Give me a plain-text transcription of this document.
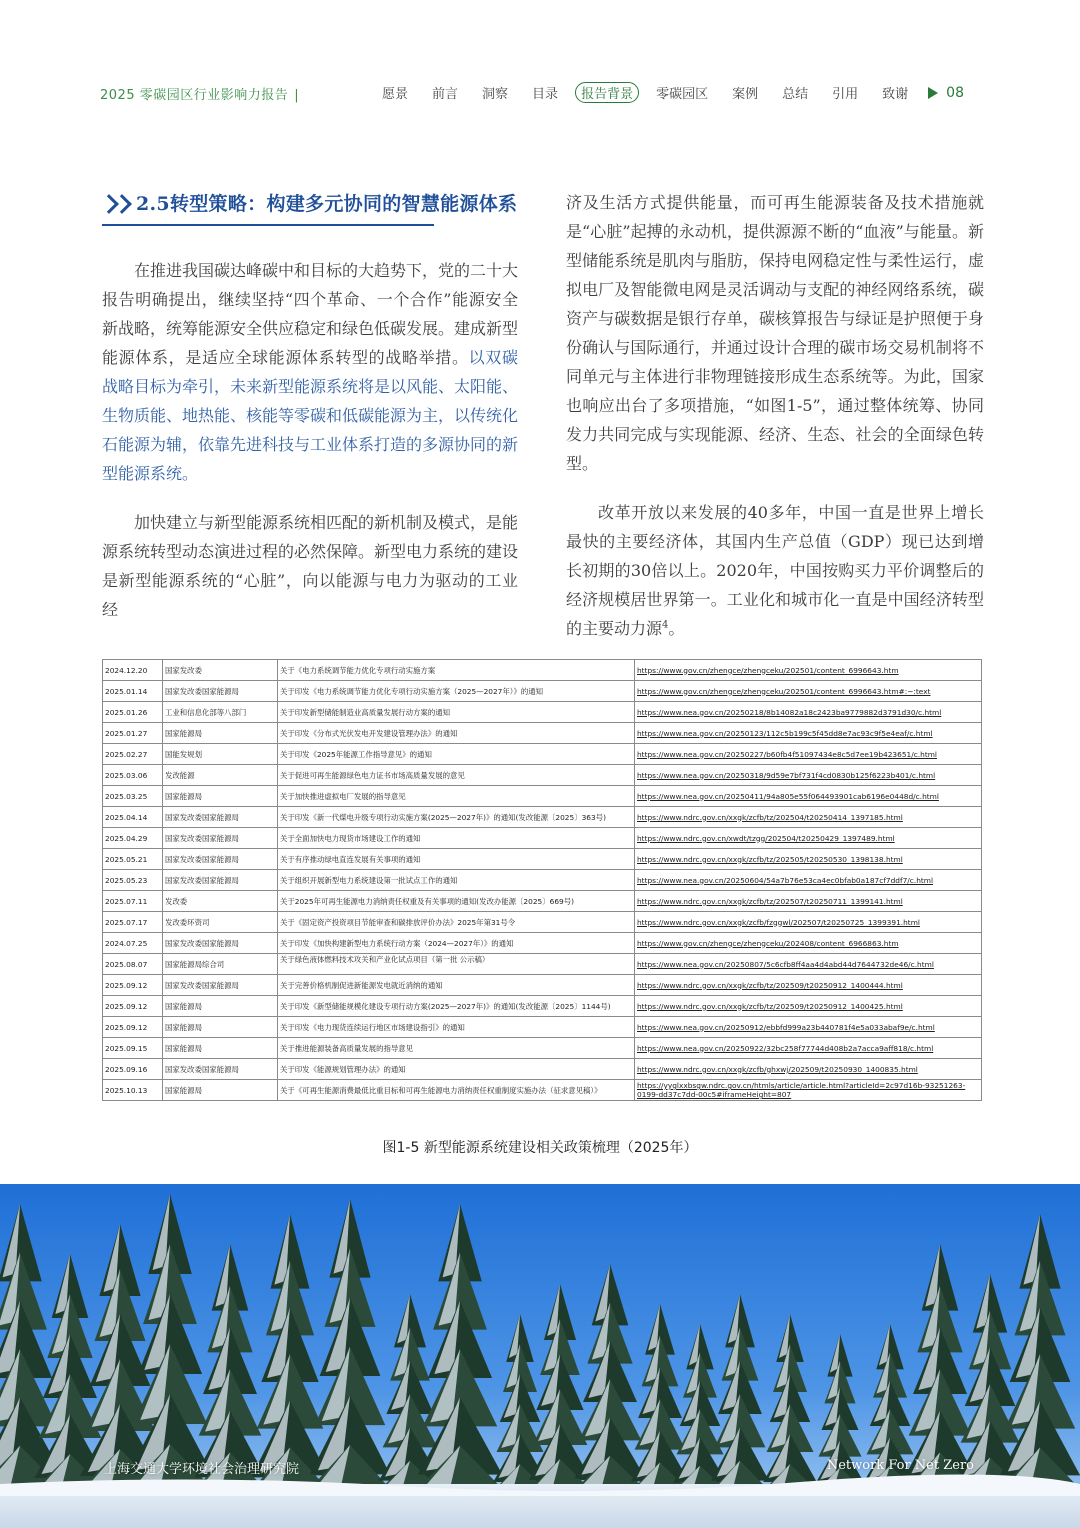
2025 零碳园区行业影响力报告 |	愿景 前言 洞察 目录	报告背景	零碳园区 案例 总结 引用 致谢	08
2.5转型策略：构建多元协同的智慧能源体系

在推进我国碳达峰碳中和目标的大趋势下，党的二十大报告明确提出，继续坚持“四个革命、一个合作”能源安全新战略，统筹能源安全供应稳定和绿色低碳发展。建成新型能源体系，是适应全球能源体系转型的战略举措。以双碳战略目标为牵引，未来新型能源系统将是以风能、太阳能、生物质能、地热能、核能等零碳和低碳能源为主，以传统化石能源为辅，依靠先进科技与工业体系打造的多源协同的新型能源系统。

加快建立与新型能源系统相匹配的新机制及模式，是能源系统转型动态演进过程的必然保障。新型电力系统的建设是新型能源系统的“心脏”，向以能源与电力为驱动的工业经

济及生活方式提供能量，而可再生能源装备及技术措施就是“心脏”起搏的永动机，提供源源不断的“血液”与能量。新型储能系统是肌肉与脂肪，保持电网稳定性与柔性运行，虚拟电厂及智能微电网是灵活调动与支配的神经网络系统，碳资产与碳数据是银行存单，碳核算报告与绿证是护照便于身份确认与国际通行，并通过设计合理的碳市场交易机制将不同单元与主体进行非物理链接形成生态系统等。为此，国家也响应出台了多项措施，“如图1-5”，通过整体统筹、协同发力共同完成与实现能源、经济、生态、社会的全面绿色转型。

改革开放以来发展的40多年，中国一直是世界上增长最快的主要经济体，其国内生产总值（GDP）现已达到增长初期的30倍以上。2020年，中国按购买力平价调整后的经济规模居世界第一。工业化和城市化一直是中国经济转型的主要动力源$^4$。

2024.12.20	国家发改委	关于《电力系统调节能力优化专项行动实施方案	https://www.gov.cn/zhengce/zhengceku/202501/content_6996643.htm
2025.01.14	国家发改委国家能源局	关于印发《电力系统调节能力优化专项行动实施方案（2025—2027年）》的通知	https://www.gov.cn/zhengce/zhengceku/202501/content_6996643.htm#:~:text
2025.01.26	工业和信息化部等八部门	关于印发新型储能制造业高质量发展行动方案的通知	https://www.nea.gov.cn/20250218/8b14082a18c2423ba9779882d3791d30/c.html
2025.01.27	国家能源局	关于印发《分布式光伏发电开发建设管理办法》的通知	https://www.nea.gov.cn/20250123/112c5b199c5f45dd8e7ac93c9f5e4eaf/c.html
2025.02.27	国能发规划	关于印发《2025年能源工作指导意见》的通知	https://www.nea.gov.cn/20250227/b60fb4f51097434e8c5d7ee19b423651/c.html
2025.03.06	发改能源	关于促进可再生能源绿色电力证书市场高质量发展的意见	https://www.nea.gov.cn/20250318/9d59e7bf731f4cd0830b125f6223b401/c.html
2025.03.25	国家能源局	关于加快推进虚拟电厂发展的指导意见	https://www.nea.gov.cn/20250411/94a805e55f064493901cab6196e0448d/c.html
2025.04.14	国家发改委国家能源局	关于印发《新一代煤电升级专项行动实施方案(2025—2027年)》的通知(发改能源〔2025〕363号)	https://www.ndrc.gov.cn/xxgk/zcfb/tz/202504/t20250414_1397185.html
2025.04.29	国家发改委国家能源局	关于全面加快电力现货市场建设工作的通知	https://www.ndrc.gov.cn/xwdt/tzgg/202504/t20250429_1397489.html
2025.05.21	国家发改委国家能源局	关于有序推动绿电直连发展有关事项的通知	https://www.ndrc.gov.cn/xxgk/zcfb/tz/202505/t20250530_1398138.html
2025.05.23	国家发改委国家能源局	关于组织开展新型电力系统建设第一批试点工作的通知	https://www.nea.gov.cn/20250604/54a7b76e53ca4ec0bfab0a187cf7ddf7/c.html
2025.07.11	发改委	关于2025年可再生能源电力消纳责任权重及有关事项的通知(发改办能源〔2025〕669号)	https://www.ndrc.gov.cn/xxgk/zcfb/tz/202507/t20250711_1399141.html
2025.07.17	发改委环资司	关于《固定资产投资项目节能审查和碳排放评价办法》2025年第31号令	https://www.ndrc.gov.cn/xxgk/zcfb/fzggwl/202507/t20250725_1399391.html
2024.07.25	国家发改委国家能源局	关于印发《加快构建新型电力系统行动方案（2024—2027年）》的通知	https://www.gov.cn/zhengce/zhengceku/202408/content_6966863.htm
2025.08.07	国家能源局综合司	关于绿色液体燃料技术攻关和产业化试点项目（第一批 公示稿）	https://www.nea.gov.cn/20250807/5c6cfb8ff4aa4d4abd44d7644732de46/c.html
2025.09.12	国家发改委国家能源局	关于完善价格机制促进新能源发电就近消纳的通知	https://www.ndrc.gov.cn/xxgk/zcfb/tz/202509/t20250912_1400444.html
2025.09.12	国家能源局	关于印发《新型储能规模化建设专项行动方案(2025—2027年)》的通知(发改能源〔2025〕1144号)	https://www.ndrc.gov.cn/xxgk/zcfb/tz/202509/t20250912_1400425.html
2025.09.12	国家能源局	关于印发《电力现货连续运行地区市场建设指引》的通知	https://www.nea.gov.cn/20250912/ebbfd999a23b440781f4e5a033abaf9e/c.html
2025.09.15	国家能源局	关于推进能源装备高质量发展的指导意见	https://www.nea.gov.cn/20250922/32bc258f77744d408b2a7acca9aff818/c.html
2025.09.16	国家发改委国家能源局	关于印发《能源规划管理办法》的通知	https://www.ndrc.gov.cn/xxgk/zcfb/ghxwj/202509/t20250930_1400835.html
2025.10.13	国家能源局	关于《可再生能源消费最低比重目标和可再生能源电力消纳责任权重制度实施办法（征求意见稿）》	https://yyglxxbsgw.ndrc.gov.cn/htmls/article/article.html?articleId=2c97d16b-93251263-0199-dd37c7dd-00c5#iframeHeight=807
图1-5 新型能源系统建设相关政策梳理（2025年）
上海交通大学环境社会治理研究院	Network For Net Zero
